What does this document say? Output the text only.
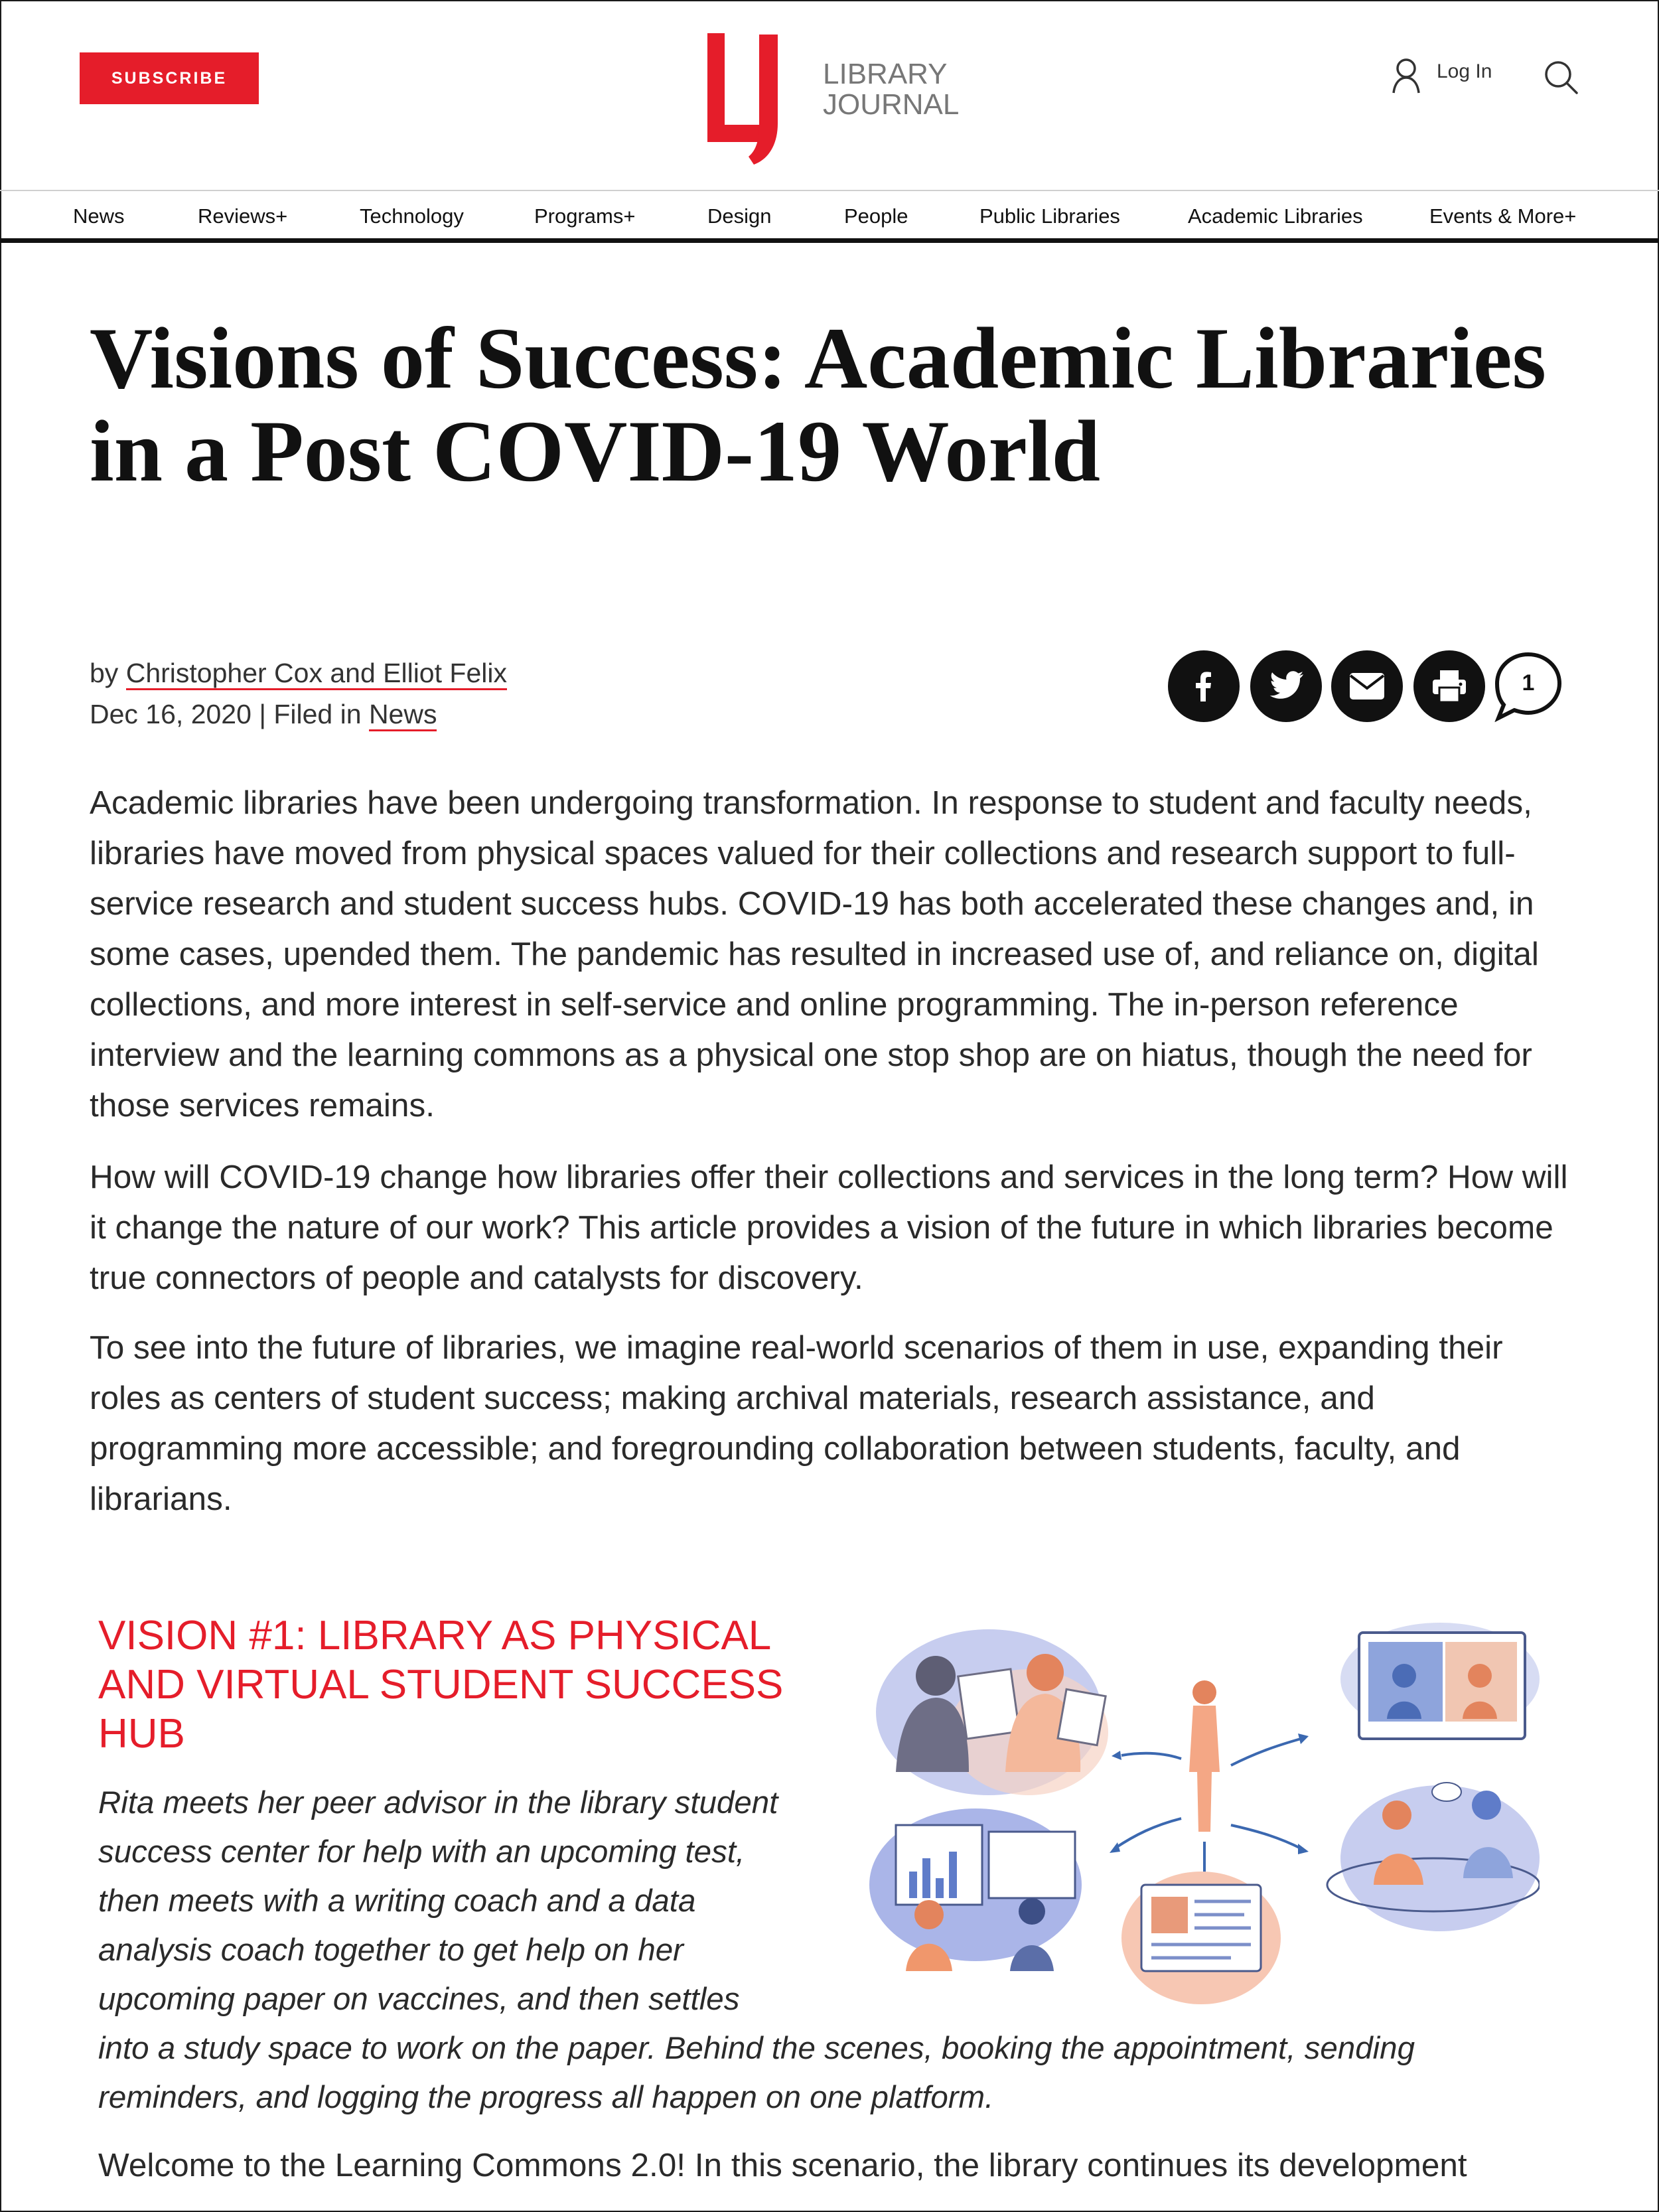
SUBSCRIBE	LIBRARY
JOURNAL
Log In
News	Reviews+	Technology	Programs+	Design	People	Public Libraries	Academic Libraries	Events & More+
Visions of Success: Academic Libraries in a Post COVID-19 World
by Christopher Cox and Elliot Felix
Dec 16, 2020 | Filed in News
1

Academic libraries have been undergoing transformation. In response to student and faculty needs, libraries have moved from physical spaces valued for their collections and research support to full-service research and student success hubs. COVID-19 has both accelerated these changes and, in some cases, upended them. The pandemic has resulted in increased use of, and reliance on, digital collections, and more interest in self-service and online programming. The in-person reference interview and the learning commons as a physical one stop shop are on hiatus, though the need for those services remains.

How will COVID-19 change how libraries offer their collections and services in the long term? How will it change the nature of our work? This article provides a vision of the future in which libraries become true connectors of people and catalysts for discovery.

To see into the future of libraries, we imagine real-world scenarios of them in use, expanding their roles as centers of student success; making archival materials, research assistance, and programming more accessible; and foregrounding collaboration between students, faculty, and librarians.

VISION #1: LIBRARY AS PHYSICAL AND VIRTUAL STUDENT SUCCESS HUB

Rita meets her peer advisor in the library student
success center for help with an upcoming test,
then meets with a writing coach and a data
analysis coach together to get help on her
upcoming paper on vaccines, and then settles
into a study space to work on the paper. Behind the scenes, booking the appointment, sending
reminders, and logging the progress all happen on one platform.

Welcome to the Learning Commons 2.0! In this scenario, the library continues its development
